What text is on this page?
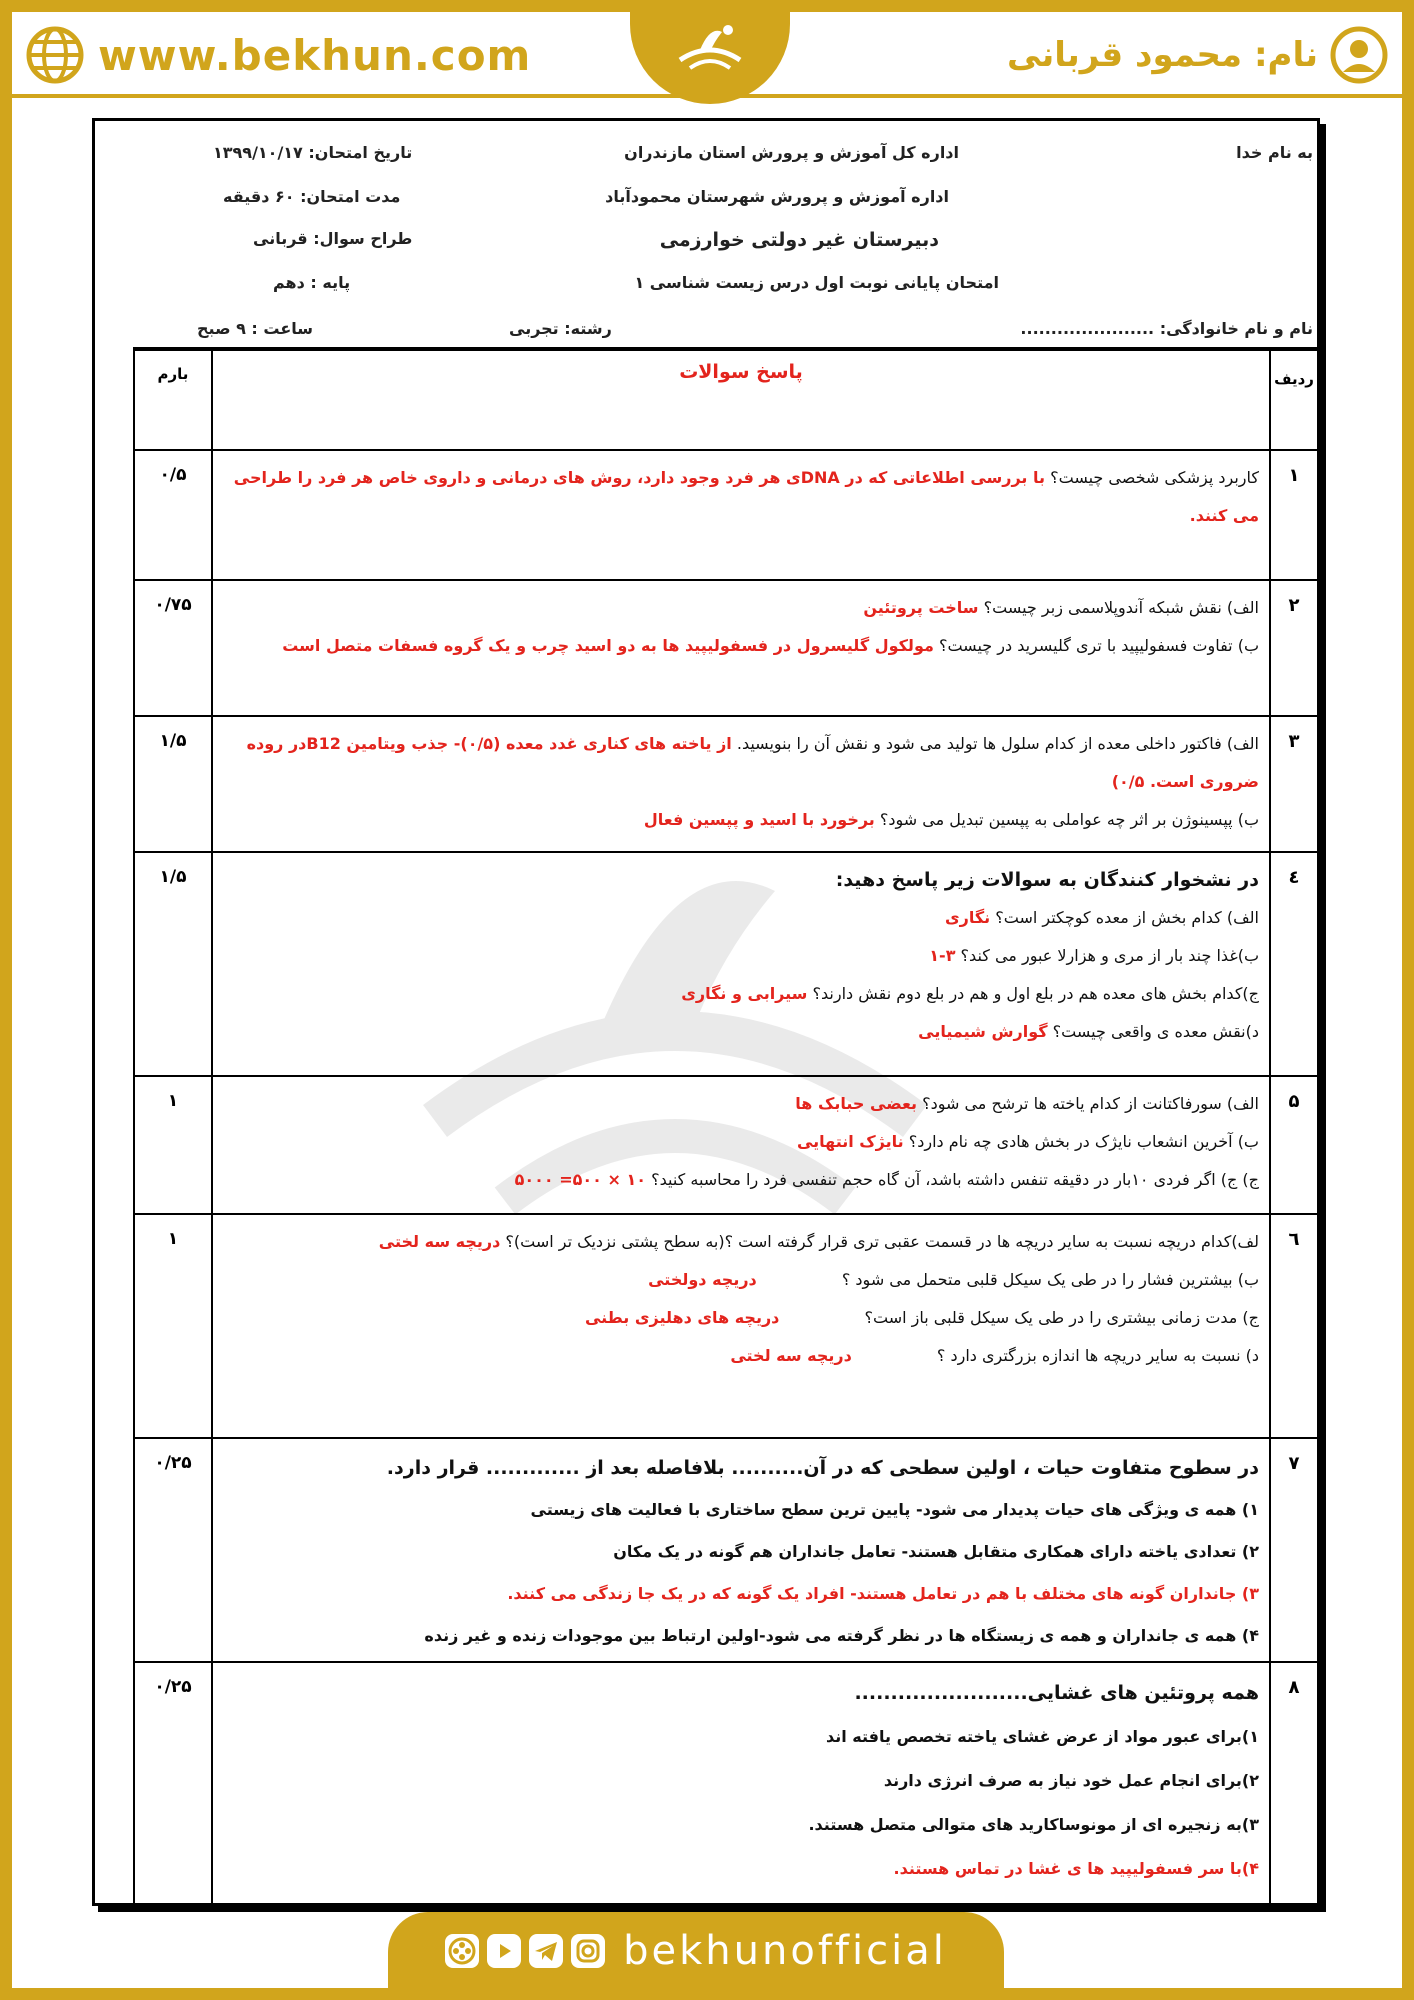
www.bekhun.com	نام: محمود قربانی
به نام خدا
اداره کل آموزش و پرورش استان مازندران
اداره آموزش و پرورش شهرستان محمودآباد
دبیرستان غیر دولتی خوارزمی
امتحان پایانی نوبت اول درس زیست شناسی ۱
تاریخ امتحان: ۱۳۹۹/۱۰/۱۷
مدت امتحان: ۶۰ دقیقه
طراح سوال: قربانی
پایه : دهم
نام و نام خانوادگی: ......................
رشته: تجربی
ساعت : ۹ صبح
ردیف	پاسخ سوالات	بارم
۱	کاربرد پزشکی شخصی چیست؟ با بررسی اطلاعاتی که در DNAی هر فرد وجود دارد، روش های درمانی و داروی خاص هر فرد را طراحی می کنند.	۰/۵
۲	الف) نقش شبکه آندوپلاسمی زبر چیست؟ ساخت پروتئین
ب) تفاوت فسفولیپید با تری گلیسرید در چیست؟ مولکول گلیسرول در فسفولیپید ها به دو اسید چرب و یک گروه فسفات متصل است	۰/۷۵
۳	الف) فاکتور داخلی معده از کدام سلول ها تولید می شود و نقش آن را بنویسید. از یاخته های کناری غدد معده (۰/۵)- جذب ویتامین B12در روده ضروری است. ۰/۵)
ب) پپسینوژن بر اثر چه عواملی به پپسین تبدیل می شود؟ برخورد با اسید و پپسین فعال	۱/۵
٤	در نشخوار کنندگان به سوالات زیر پاسخ دهید:
الف) کدام بخش از معده کوچکتر است؟ نگاری
ب)غذا چند بار از مری و هزارلا عبور می کند؟ ۳-۱
ج)کدام بخش های معده هم در بلع اول و هم در بلع دوم نقش دارند؟ سیرابی و نگاری
د)نقش معده ی واقعی چیست؟ گوارش شیمیایی	۱/۵
۵	الف) سورفاکتانت از کدام یاخته ها ترشح می شود؟ بعضی حبابک ها
ب) آخرین انشعاب نایژک در بخش هادی چه نام دارد؟ نایژک انتهایی
ج) ج) اگر فردی ۱۰بار در دقیقه تنفس داشته باشد، آن گاه حجم تنفسی فرد را محاسبه کنید؟ ۱۰ × ۵۰۰= ۵۰۰۰	۱
٦	لف)کدام دریچه نسبت به سایر دریچه ها در قسمت عقبی تری قرار گرفته است ؟(به سطح پشتی نزدیک تر است)؟ دریچه سه لختی
ب) بیشترین فشار را در طی یک سیکل قلبی متحمل می شود ؟ دریچه دولختی
ج) مدت زمانی بیشتری را در طی یک سیکل قلبی باز است؟ دریچه های دهلیزی بطنی
د) نسبت به سایر دریچه ها اندازه بزرگتری دارد ؟ دریچه سه لختی	۱
۷	در سطوح متفاوت حیات ، اولین سطحی که در آن.......... بلافاصله بعد از ............. قرار دارد.
۱) همه ی ویژگی های حیات پدیدار می شود- پایین ترین سطح ساختاری با فعالیت های زیستی
۲) تعدادی یاخته دارای همکاری متقابل هستند- تعامل جانداران هم گونه در یک مکان
۳) جانداران گونه های مختلف با هم در تعامل هستند- افراد یک گونه که در یک جا زندگی می کنند.
۴) همه ی جانداران و همه ی زیستگاه ها در نظر گرفته می شود-اولین ارتباط بین موجودات زنده و غیر زنده	۰/۲۵
۸	همه پروتئین های غشایی........................
۱)برای عبور مواد از عرض غشای یاخته تخصص یافته اند
۲)برای انجام عمل خود نیاز به صرف انرژی دارند
۳)به زنجیره ای از مونوساکارید های متوالی متصل هستند.
۴)با سر فسفولیپید ها ی غشا در تماس هستند.	۰/۲۵
bekhunofficial
